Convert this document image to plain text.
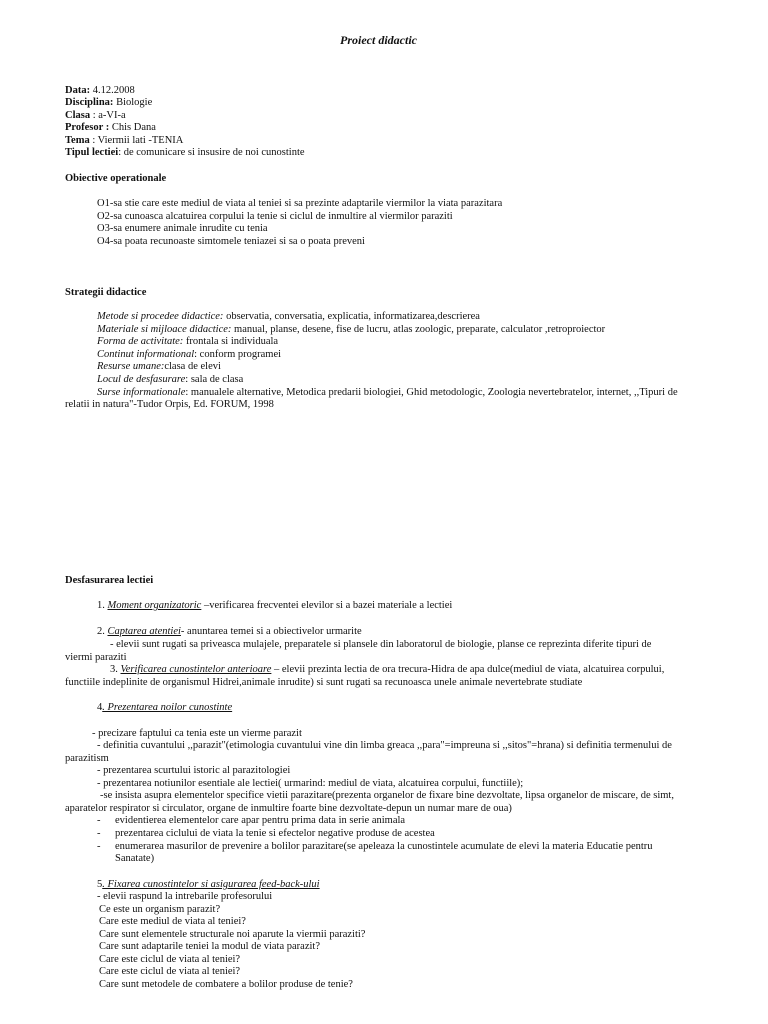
Proiect didactic
Data: 4.12.2008
Disciplina: Biologie
Clasa : a-VI-a
Profesor : Chis Dana
Tema : Viermii lati -TENIA
Tipul lectiei: de comunicare si insusire de noi cunostinte
Obiective operationale
O1-sa stie care este mediul de viata al teniei si sa prezinte adaptarile viermilor la viata parazitara
O2-sa cunoasca alcatuirea corpului la tenie si ciclul de inmultire al viermilor paraziti
O3-sa enumere animale inrudite cu tenia
O4-sa poata recunoaste simtomele teniazei si sa o poata preveni
Strategii didactice
Metode si procedee didactice: observatia, conversatia, explicatia, informatizarea,descrierea
Materiale si mijloace didactice: manual, planse, desene, fise de lucru, atlas zoologic, preparate, calculator ,retroproiector
Forma de activitate: frontala si individuala
Continut informational: conform programei
Resurse umane:clasa de elevi
Locul de desfasurare: sala de clasa
Surse informationale: manualele alternative, Metodica predarii biologiei, Ghid metodologic, Zoologia nevertebratelor, internet, ,,Tipuri de
relatii in natura"-Tudor Orpis, Ed. FORUM, 1998
Desfasurarea lectiei
1. Moment organizatoric –verificarea frecventei elevilor si a bazei materiale a lectiei
2. Captarea atentiei- anuntarea temei si a obiectivelor urmarite
- elevii sunt rugati sa priveasca mulajele, preparatele si plansele din laboratorul de biologie, planse ce reprezinta diferite tipuri de
viermi paraziti
3. Verificarea cunostintelor anterioare – elevii prezinta lectia de ora trecura-Hidra de apa dulce(mediul de viata, alcatuirea corpului,
functiile indeplinite de organismul Hidrei,animale inrudite) si sunt rugati sa recunoasca unele animale nevertebrate studiate
4. Prezentarea noilor cunostinte
- precizare faptului ca tenia este un vierme parazit
- definitia cuvantului ,,parazit"(etimologia cuvantului vine din limba greaca ,,para"=impreuna si ,,sitos"=hrana) si definitia termenului de
parazitism
- prezentarea scurtului istoric al parazitologiei
- prezentarea notiunilor esentiale ale lectiei( urmarind: mediul de viata, alcatuirea corpului, functiile);
-se insista asupra elementelor specifice vietii parazitare(prezenta organelor de fixare bine dezvoltate, lipsa organelor de miscare, de simt,
aparatelor respirator si circulator, organe de inmultire foarte bine dezvoltate-depun un numar mare de oua)
- evidentierea elementelor care apar pentru prima data in serie animala
- prezentarea ciclului de viata la tenie si efectelor negative produse de acestea
- enumerarea masurilor de prevenire a bolilor parazitare(se apeleaza la cunostintele acumulate de elevi la materia Educatie pentru
Sanatate)
5. Fixarea cunostintelor si asigurarea feed-back-ului
- elevii raspund la intrebarile profesorului
Ce este un organism parazit?
Care este mediul de viata al teniei?
Care sunt elementele structurale noi aparute la viermii paraziti?
Care sunt adaptarile teniei la modul de viata parazit?
Care este ciclul de viata al teniei?
Care este ciclul de viata al teniei?
Care sunt metodele de combatere a bolilor produse de tenie?
